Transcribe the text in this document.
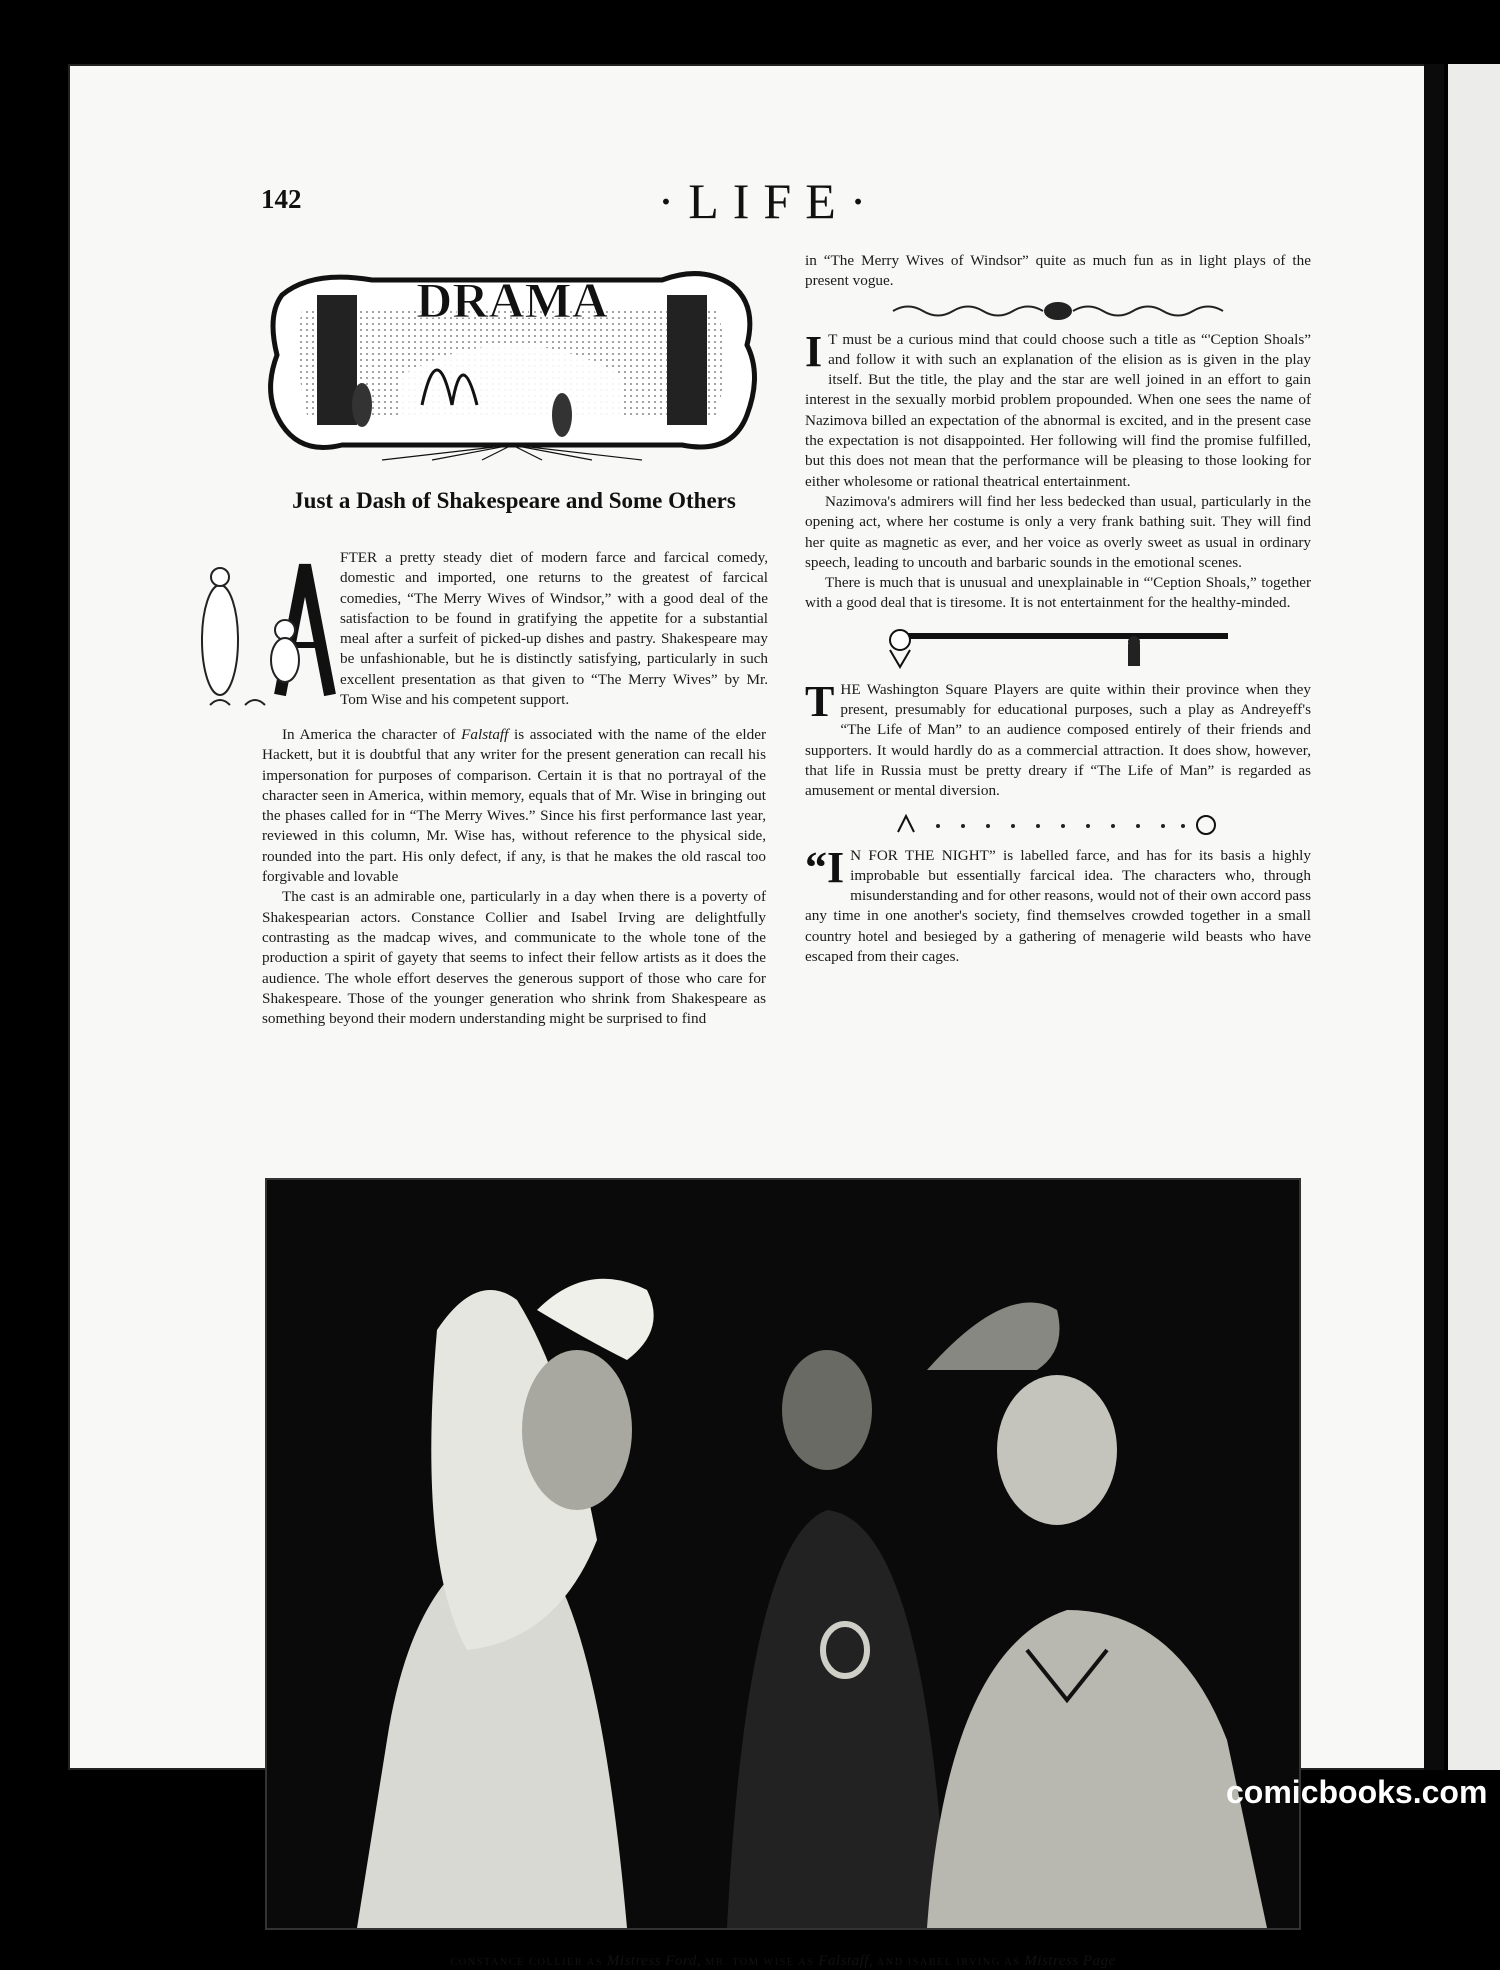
142	·LIFE·
DRAMA
Just a Dash of Shakespeare and Some Others

FTER a pretty steady diet of modern farce and farcical comedy, domestic and imported, one returns to the greatest of farcical comedies, “The Merry Wives of Windsor,” with a good deal of the satisfaction to be found in gratifying the appetite for a substantial meal after a surfeit of picked-up dishes and pastry. Shakespeare may be unfashionable, but he is distinctly satisfying, particularly in such excellent presentation as that given to “The Merry Wives” by Mr. Tom Wise and his competent support.

In America the character of Falstaff is associated with the name of the elder Hackett, but it is doubtful that any writer for the present generation can recall his impersonation for purposes of comparison. Certain it is that no portrayal of the character seen in America, within memory, equals that of Mr. Wise in bringing out the phases called for in “The Merry Wives.” Since his first performance last year, reviewed in this column, Mr. Wise has, without reference to the physical side, rounded into the part. His only defect, if any, is that he makes the old rascal too forgivable and lovable

The cast is an admirable one, particularly in a day when there is a poverty of Shakespearian actors. Constance Collier and Isabel Irving are delightfully contrasting as the madcap wives, and communicate to the whole tone of the production a spirit of gayety that seems to infect their fellow artists as it does the audience. The whole effort deserves the generous support of those who care for Shakespeare. Those of the younger generation who shrink from Shakespeare as something beyond their modern understanding might be surprised to find

in “The Merry Wives of Windsor” quite as much fun as in light plays of the present vogue.

I T must be a curious mind that could choose such a title as “'Ception Shoals” and follow it with such an explanation of the elision as is given in the play itself. But the title, the play and the star are well joined in an effort to gain interest in the sexually morbid problem propounded. When one sees the name of Nazimova billed an expectation of the abnormal is excited, and in the present case the expectation is not disappointed. Her following will find the promise fulfilled, but this does not mean that the performance will be pleasing to those looking for either wholesome or rational theatrical entertainment.

Nazimova's admirers will find her less bedecked than usual, particularly in the opening act, where her costume is only a very frank bathing suit. They will find her quite as magnetic as ever, and her voice as overly sweet as usual in ordinary speech, leading to uncouth and barbaric sounds in the emotional scenes.

There is much that is unusual and unexplainable in “'Ception Shoals,” together with a good deal that is tiresome. It is not entertainment for the healthy-minded.

THE Washington Square Players are quite within their province when they present, presumably for educational purposes, such a play as Andreyeff's “The Life of Man” to an audience composed entirely of their friends and supporters. It would hardly do as a commercial attraction. It does show, however, that life in Russia must be pretty dreary if “The Life of Man” is regarded as amusement or mental diversion.

“I N FOR THE NIGHT” is labelled farce, and has for its basis a highly improbable but essentially farcical idea. The characters who, through misunderstanding and for other reasons, would not of their own accord pass any time in one another's society, find themselves crowded together in a small country hotel and besieged by a gathering of menagerie wild beasts who have escaped from their cages.

CONSTANCE COLLIER AS Mistress Ford, MR. TOM WISE AS Falstaff, AND ISABEL IRVING AS Mistress Page
comicbooks.com
